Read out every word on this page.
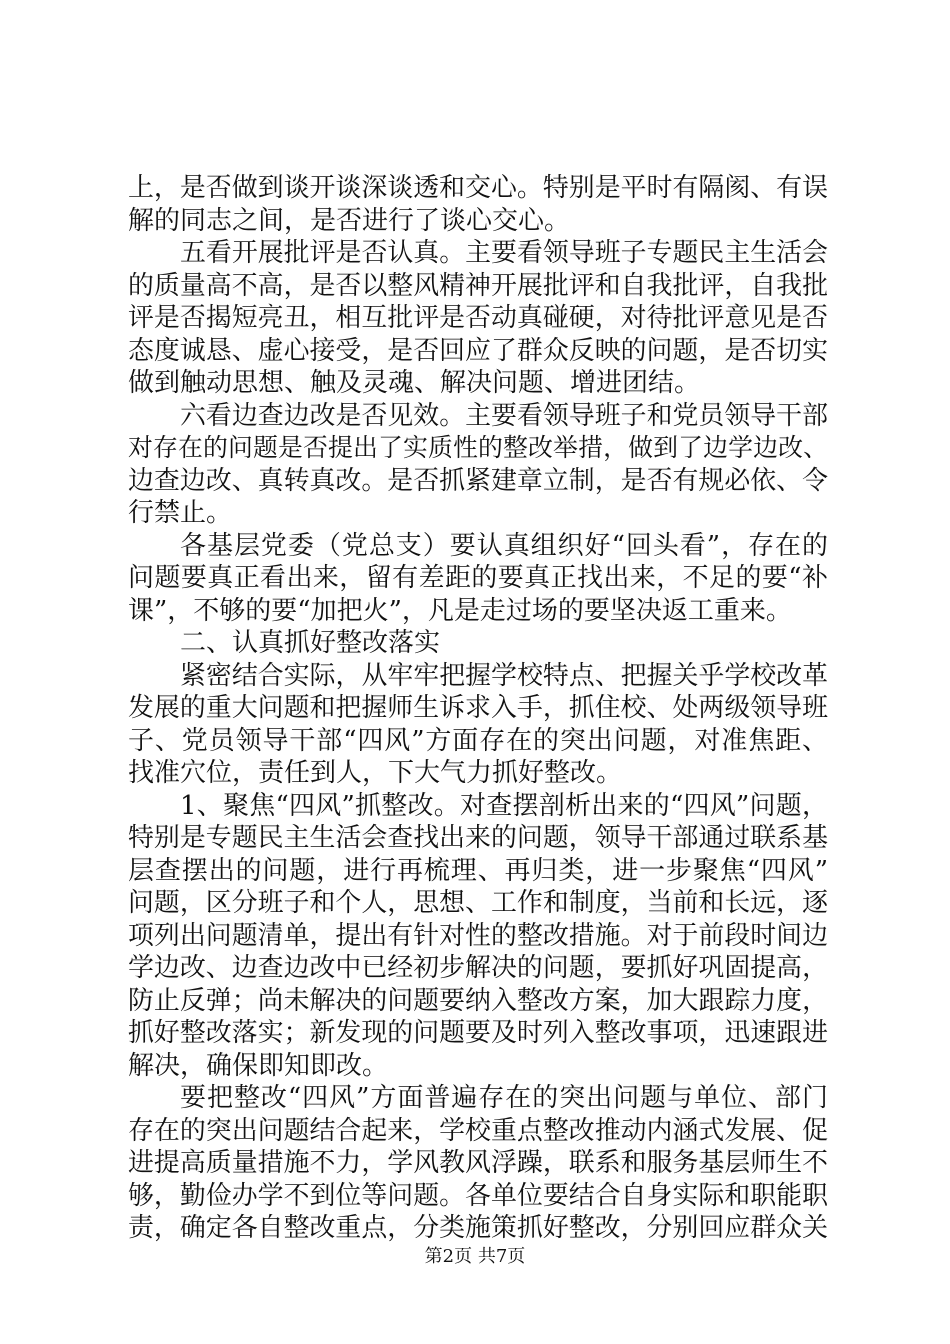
上，是否做到谈开谈深谈透和交心。特别是平时有隔阂、有误
解的同志之间，是否进行了谈心交心。
五看开展批评是否认真。主要看领导班子专题民主生活会
的质量高不高，是否以整风精神开展批评和自我批评，自我批
评是否揭短亮丑，相互批评是否动真碰硬，对待批评意见是否
态度诚恳、虚心接受，是否回应了群众反映的问题，是否切实
做到触动思想、触及灵魂、解决问题、增进团结。
六看边查边改是否见效。主要看领导班子和党员领导干部
对存在的问题是否提出了实质性的整改举措，做到了边学边改、
边查边改、真转真改。是否抓紧建章立制，是否有规必依、令
行禁止。
各基层党委（党总支）要认真组织好“回头看”，存在的
问题要真正看出来，留有差距的要真正找出来，不足的要“补
课”，不够的要“加把火”，凡是走过场的要坚决返工重来。
二、认真抓好整改落实
紧密结合实际，从牢牢把握学校特点、把握关乎学校改革
发展的重大问题和把握师生诉求入手，抓住校、处两级领导班
子、党员领导干部“四风”方面存在的突出问题，对准焦距、
找准穴位，责任到人，下大气力抓好整改。
1、聚焦“四风”抓整改。对查摆剖析出来的“四风”问题，
特别是专题民主生活会查找出来的问题，领导干部通过联系基
层查摆出的问题，进行再梳理、再归类，进一步聚焦“四风”
问题，区分班子和个人，思想、工作和制度，当前和长远，逐
项列出问题清单，提出有针对性的整改措施。对于前段时间边
学边改、边查边改中已经初步解决的问题，要抓好巩固提高，
防止反弹；尚未解决的问题要纳入整改方案，加大跟踪力度，
抓好整改落实；新发现的问题要及时列入整改事项，迅速跟进
解决，确保即知即改。
要把整改“四风”方面普遍存在的突出问题与单位、部门
存在的突出问题结合起来，学校重点整改推动内涵式发展、促
进提高质量措施不力，学风教风浮躁，联系和服务基层师生不
够，勤俭办学不到位等问题。各单位要结合自身实际和职能职
责，确定各自整改重点，分类施策抓好整改，分别回应群众关
第2页 共7页
